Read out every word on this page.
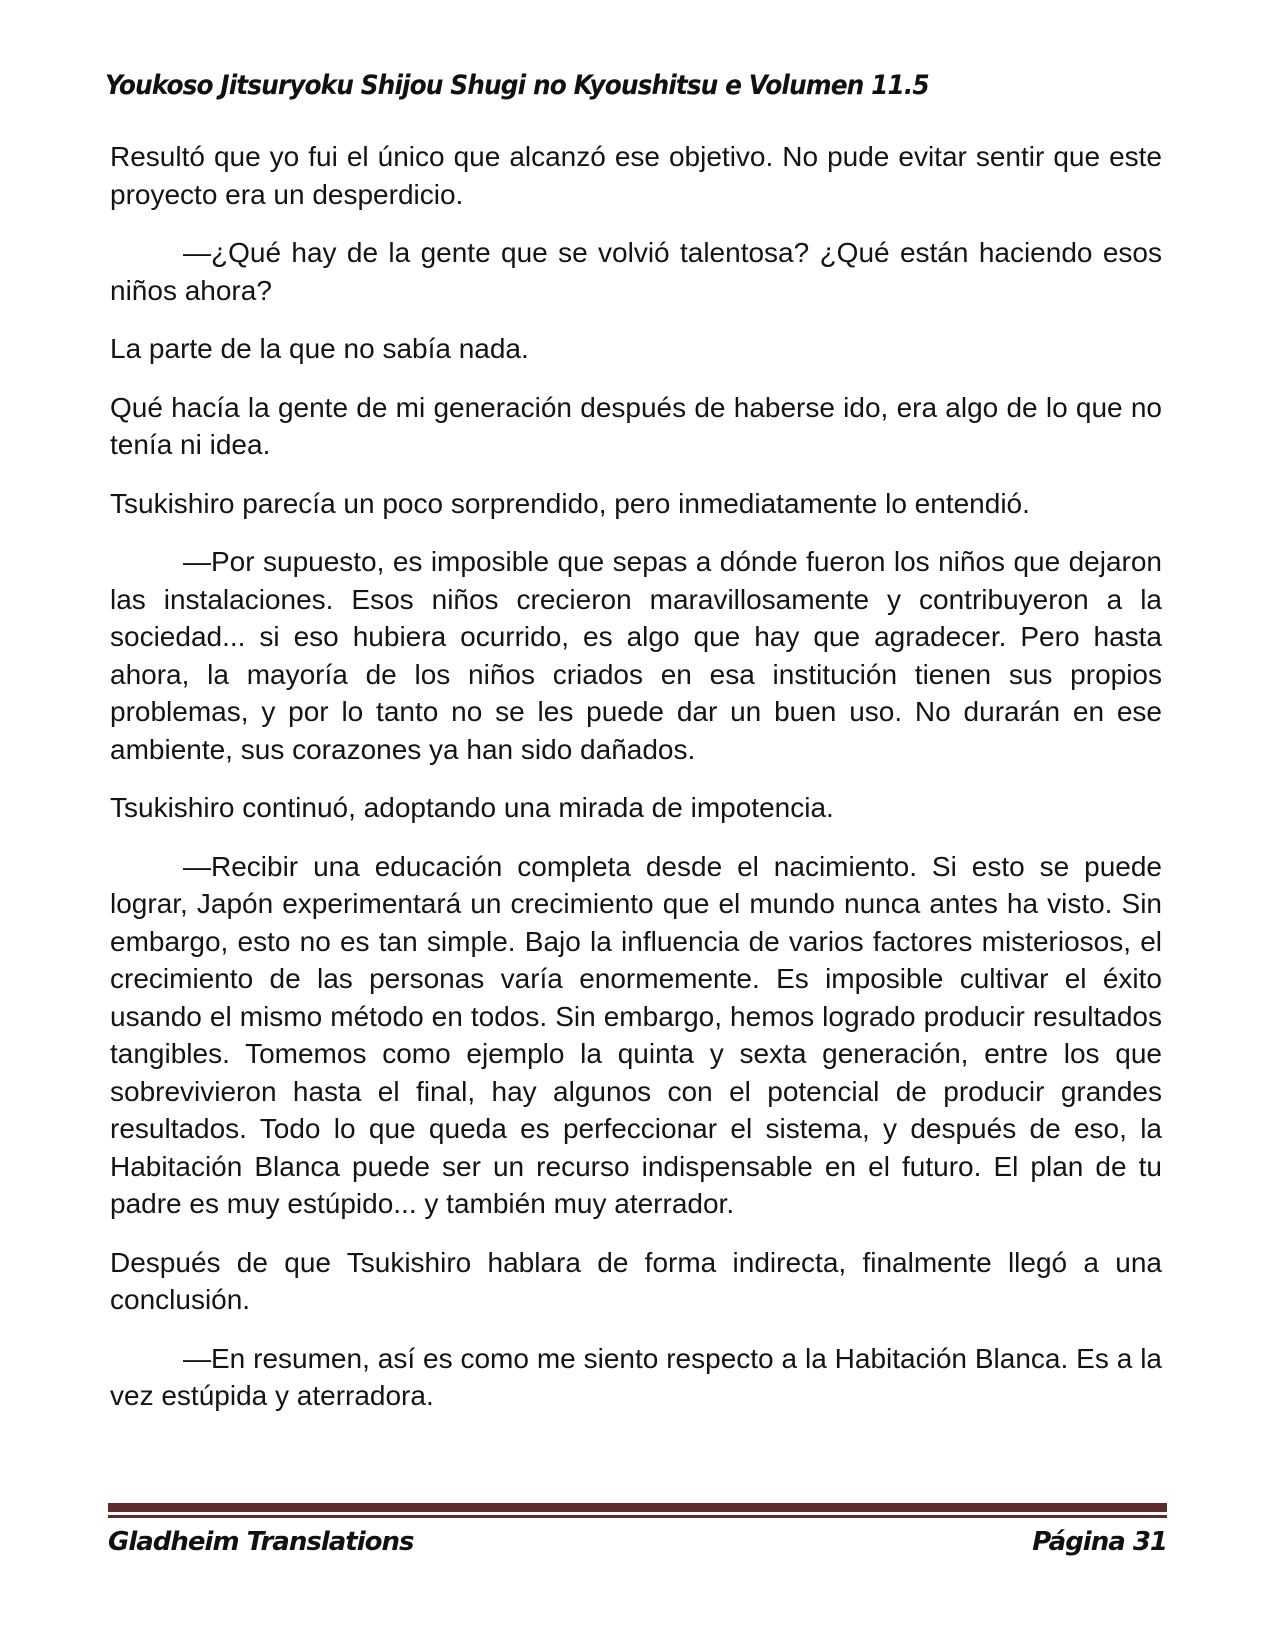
Youkoso Jitsuryoku Shijou Shugi no Kyoushitsu e Volumen 11.5

Resultó que yo fui el único que alcanzó ese objetivo. No pude evitar sentir que este proyecto era un desperdicio.

—¿Qué hay de la gente que se volvió talentosa? ¿Qué están haciendo esos niños ahora?

La parte de la que no sabía nada.

Qué hacía la gente de mi generación después de haberse ido, era algo de lo que no tenía ni idea.

Tsukishiro parecía un poco sorprendido, pero inmediatamente lo entendió.

—Por supuesto, es imposible que sepas a dónde fueron los niños que dejaron las instalaciones. Esos niños crecieron maravillosamente y contribuyeron a la sociedad... si eso hubiera ocurrido, es algo que hay que agradecer. Pero hasta ahora, la mayoría de los niños criados en esa institución tienen sus propios problemas, y por lo tanto no se les puede dar un buen uso. No durarán en ese ambiente, sus corazones ya han sido dañados.

Tsukishiro continuó, adoptando una mirada de impotencia.

—Recibir una educación completa desde el nacimiento. Si esto se puede lograr, Japón experimentará un crecimiento que el mundo nunca antes ha visto. Sin embargo, esto no es tan simple. Bajo la influencia de varios factores misteriosos, el crecimiento de las personas varía enormemente. Es imposible cultivar el éxito usando el mismo método en todos. Sin embargo, hemos logrado producir resultados tangibles. Tomemos como ejemplo la quinta y sexta generación, entre los que sobrevivieron hasta el final, hay algunos con el potencial de producir grandes resultados. Todo lo que queda es perfeccionar el sistema, y después de eso, la Habitación Blanca puede ser un recurso indispensable en el futuro. El plan de tu padre es muy estúpido... y también muy aterrador.

Después de que Tsukishiro hablara de forma indirecta, finalmente llegó a una conclusión.

—En resumen, así es como me siento respecto a la Habitación Blanca. Es a la vez estúpida y aterradora.

Gladheim Translations	Página 31
